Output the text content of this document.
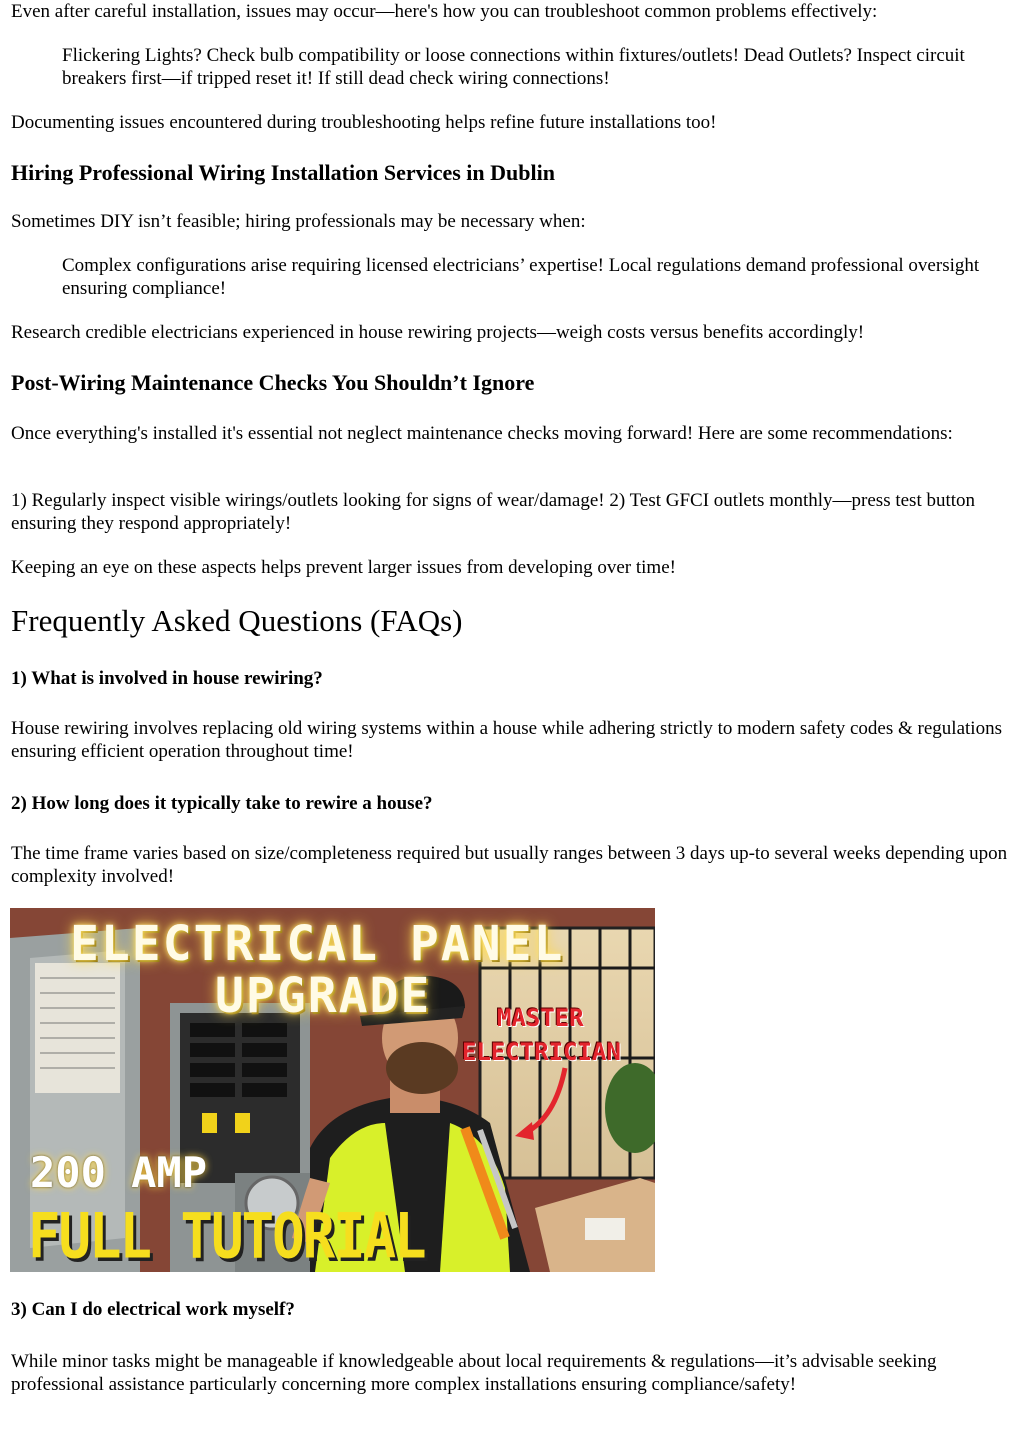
Even after careful installation, issues may occur—here's how you can troubleshoot common problems effectively:

Flickering Lights? Check bulb compatibility or loose connections within fixtures/outlets! Dead Outlets? Inspect circuit breakers first—if tripped reset it! If still dead check wiring connections!

Documenting issues encountered during troubleshooting helps refine future installations too!

Hiring Professional Wiring Installation Services in Dublin

Sometimes DIY isn’t feasible; hiring professionals may be necessary when:

Complex configurations arise requiring licensed electricians’ expertise! Local regulations demand professional oversight ensuring compliance!

Research credible electricians experienced in house rewiring projects—weigh costs versus benefits accordingly!

Post-Wiring Maintenance Checks You Shouldn’t Ignore

Once everything's installed it's essential not neglect maintenance checks moving forward! Here are some recommendations:

1) Regularly inspect visible wirings/outlets looking for signs of wear/damage! 2) Test GFCI outlets monthly—press test button ensuring they respond appropriately!

Keeping an eye on these aspects helps prevent larger issues from developing over time!

Frequently Asked Questions (FAQs)
1) What is involved in house rewiring?

House rewiring involves replacing old wiring systems within a house while adhering strictly to modern safety codes & regulations ensuring efficient operation throughout time!

2) How long does it typically take to rewire a house?

The time frame varies based on size/completeness required but usually ranges between 3 days up-to several weeks depending upon complexity involved!

ELECTRICAL PANEL

UPGRADE	MASTER

ELECTRICIAN

200 AMP

FULL TUTORIAL

3) Can I do electrical work myself?

While minor tasks might be manageable if knowledgeable about local requirements & regulations—it’s advisable seeking professional assistance particularly concerning more complex installations ensuring compliance/safety!
